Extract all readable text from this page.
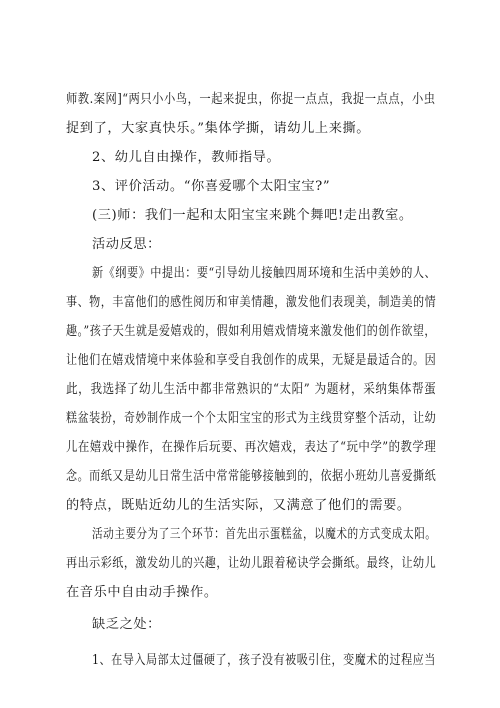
师教.案网]“两只小小鸟，一起来捉虫，你捉一点点，我捉一点点，小虫
捉到了，大家真快乐。”集体学撕，请幼儿上来撕。
2、幼儿自由操作，教师指导。
3、评价活动。“你喜爱哪个太阳宝宝?”
(三)师：我们一起和太阳宝宝来跳个舞吧!走出教室。
活动反思：
新《纲要》中提出：要“引导幼儿接触四周环境和生活中美妙的人、
事、物，丰富他们的感性阅历和审美情趣，激发他们表现美，制造美的情
趣。”孩子天生就是爱嬉戏的，假如利用嬉戏情境来激发他们的创作欲望，
让他们在嬉戏情境中来体验和享受自我创作的成果，无疑是最适合的。因
此，我选择了幼儿生活中都非常熟识的“太阳” 为题材，采纳集体帮蛋
糕盆装扮，奇妙制作成一个个太阳宝宝的形式为主线贯穿整个活动，让幼
儿在嬉戏中操作，在操作后玩要、再次嬉戏，表达了“玩中学”的教学理
念。而纸又是幼儿日常生活中常常能够接触到的，依据小班幼儿喜爱撕纸
的特点，既贴近幼儿的生活实际，又满意了他们的需要。
活动主要分为了三个环节：首先出示蛋糕盆，以魔术的方式变成太阳。
再出示彩纸，激发幼儿的兴趣，让幼儿跟着秘诀学会撕纸。最终，让幼儿
在音乐中自由动手操作。
缺乏之处：
1、在导入局部太过僵硬了，孩子没有被吸引住，变魔术的过程应当
